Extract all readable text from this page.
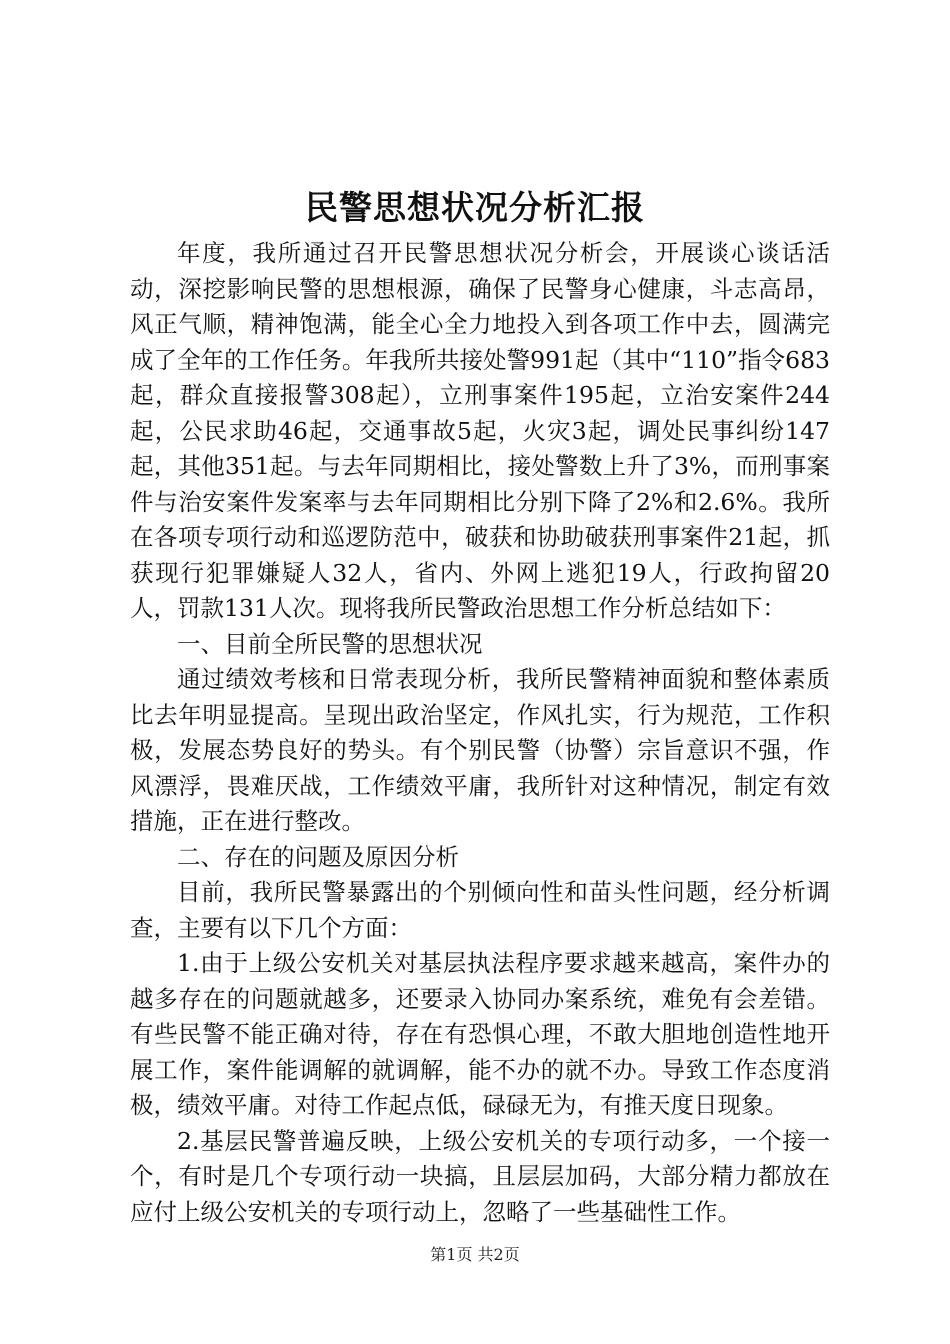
民警思想状况分析汇报

年度，我所通过召开民警思想状况分析会，开展谈心谈话活动，深挖影响民警的思想根源，确保了民警身心健康，斗志高昂，风正气顺，精神饱满，能全心全力地投入到各项工作中去，圆满完成了全年的工作任务。年我所共接处警991起（其中“110”指令683起，群众直接报警308起），立刑事案件195起，立治安案件244起，公民求助46起，交通事故5起，火灾3起，调处民事纠纷147起，其他351起。与去年同期相比，接处警数上升了3%，而刑事案件与治安案件发案率与去年同期相比分别下降了2%和2.6%。我所在各项专项行动和巡逻防范中，破获和协助破获刑事案件21起，抓获现行犯罪嫌疑人32人，省内、外网上逃犯19人，行政拘留20人，罚款131人次。现将我所民警政治思想工作分析总结如下：

一、目前全所民警的思想状况

通过绩效考核和日常表现分析，我所民警精神面貌和整体素质比去年明显提高。呈现出政治坚定，作风扎实，行为规范，工作积极，发展态势良好的势头。有个别民警（协警）宗旨意识不强，作风漂浮，畏难厌战，工作绩效平庸，我所针对这种情况，制定有效措施，正在进行整改。

二、存在的问题及原因分析

目前，我所民警暴露出的个别倾向性和苗头性问题，经分析调查，主要有以下几个方面：

1.由于上级公安机关对基层执法程序要求越来越高，案件办的越多存在的问题就越多，还要录入协同办案系统，难免有会差错。有些民警不能正确对待，存在有恐惧心理，不敢大胆地创造性地开展工作，案件能调解的就调解，能不办的就不办。导致工作态度消极，绩效平庸。对待工作起点低，碌碌无为，有推天度日现象。

2.基层民警普遍反映，上级公安机关的专项行动多，一个接一个，有时是几个专项行动一块搞，且层层加码，大部分精力都放在应付上级公安机关的专项行动上，忽略了一些基础性工作。

第1页 共2页
